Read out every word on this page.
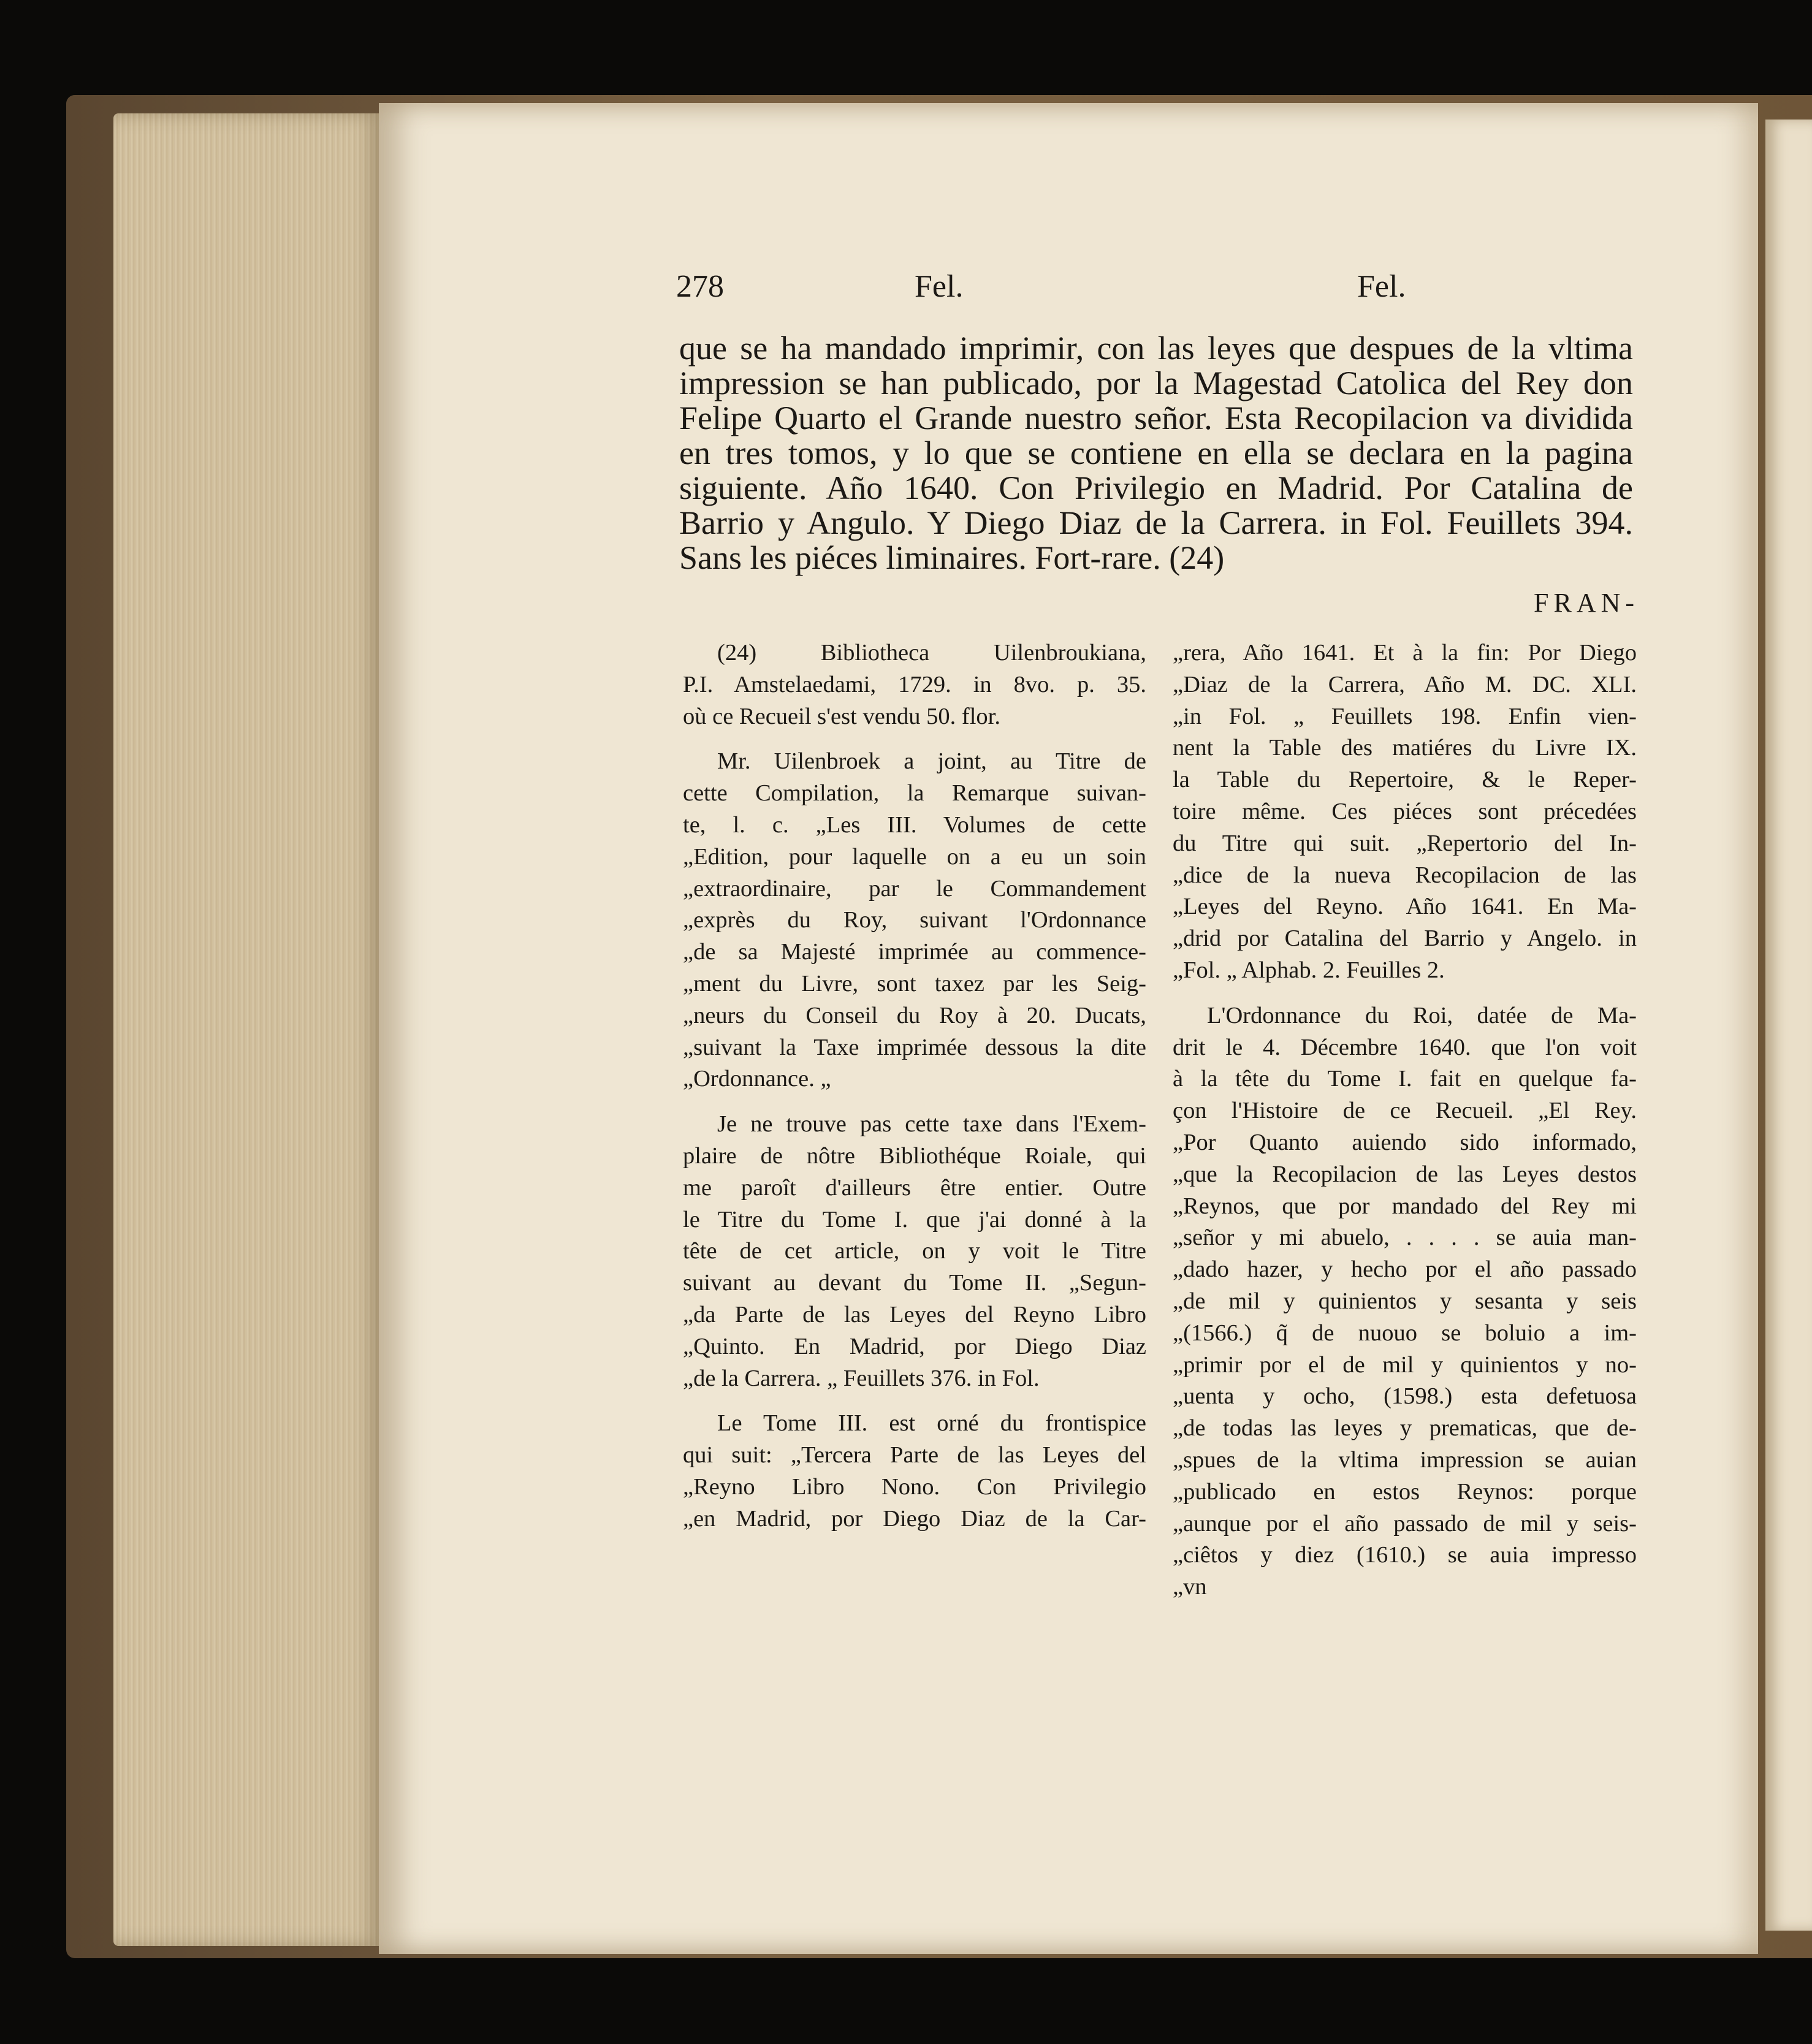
278	Fel.	Fel.
que se ha mandado imprimir, con las leyes que despues de la vltima
impression se han publicado, por la Magestad Catolica del Rey don
Felipe Quarto el Grande nuestro señor. Esta Recopilacion va dividida
en tres tomos, y lo que se contiene en ella se declara en la pagina
siguiente. Año 1640. Con Privilegio en Madrid. Por Catalina de
Barrio y Angulo. Y Diego Diaz de la Carrera. in Fol. Feuillets 394.
Sans les piéces liminaires. Fort-rare. (24)
FRAN-
(24) Bibliotheca Uilenbroukiana,
P.I. Amstelaedami, 1729. in 8vo. p. 35.
où ce Recueil s'est vendu 50. flor.
Mr. Uilenbroek a joint, au Titre de
cette Compilation, la Remarque suivan-
te, l. c. „Les III. Volumes de cette
„Edition, pour laquelle on a eu un soin
„extraordinaire, par le Commandement
„exprès du Roy, suivant l'Ordonnance
„de sa Majesté imprimée au commence-
„ment du Livre, sont taxez par les Seig-
„neurs du Conseil du Roy à 20. Ducats,
„suivant la Taxe imprimée dessous la dite
„Ordonnance. „
Je ne trouve pas cette taxe dans l'Exem-
plaire de nôtre Bibliothéque Roiale, qui
me paroît d'ailleurs être entier. Outre
le Titre du Tome I. que j'ai donné à la
tête de cet article, on y voit le Titre
suivant au devant du Tome II. „Segun-
„da Parte de las Leyes del Reyno Libro
„Quinto. En Madrid, por Diego Diaz
„de la Carrera. „ Feuillets 376. in Fol.
Le Tome III. est orné du frontispice
qui suit: „Tercera Parte de las Leyes del
„Reyno Libro Nono. Con Privilegio
„en Madrid, por Diego Diaz de la Car-
„rera, Año 1641. Et à la fin: Por Diego
„Diaz de la Carrera, Año M. DC. XLI.
„in Fol. „ Feuillets 198. Enfin vien-
nent la Table des matiéres du Livre IX.
la Table du Repertoire, & le Reper-
toire même. Ces piéces sont précedées
du Titre qui suit. „Repertorio del In-
„dice de la nueva Recopilacion de las
„Leyes del Reyno. Año 1641. En Ma-
„drid por Catalina del Barrio y Angelo. in
„Fol. „ Alphab. 2. Feuilles 2.
L'Ordonnance du Roi, datée de Ma-
drit le 4. Décembre 1640. que l'on voit
à la tête du Tome I. fait en quelque fa-
çon l'Histoire de ce Recueil. „El Rey.
„Por Quanto auiendo sido informado,
„que la Recopilacion de las Leyes destos
„Reynos, que por mandado del Rey mi
„señor y mi abuelo, . . . . se auia man-
„dado hazer, y hecho por el año passado
„de mil y quinientos y sesanta y seis
„(1566.) q̃ de nuouo se boluio a im-
„primir por el de mil y quinientos y no-
„uenta y ocho, (1598.) esta defetuosa
„de todas las leyes y prematicas, que de-
„spues de la vltima impression se auian
„publicado en estos Reynos: porque
„aunque por el año passado de mil y seis-
„ciêtos y diez (1610.) se auia impresso
„vn
